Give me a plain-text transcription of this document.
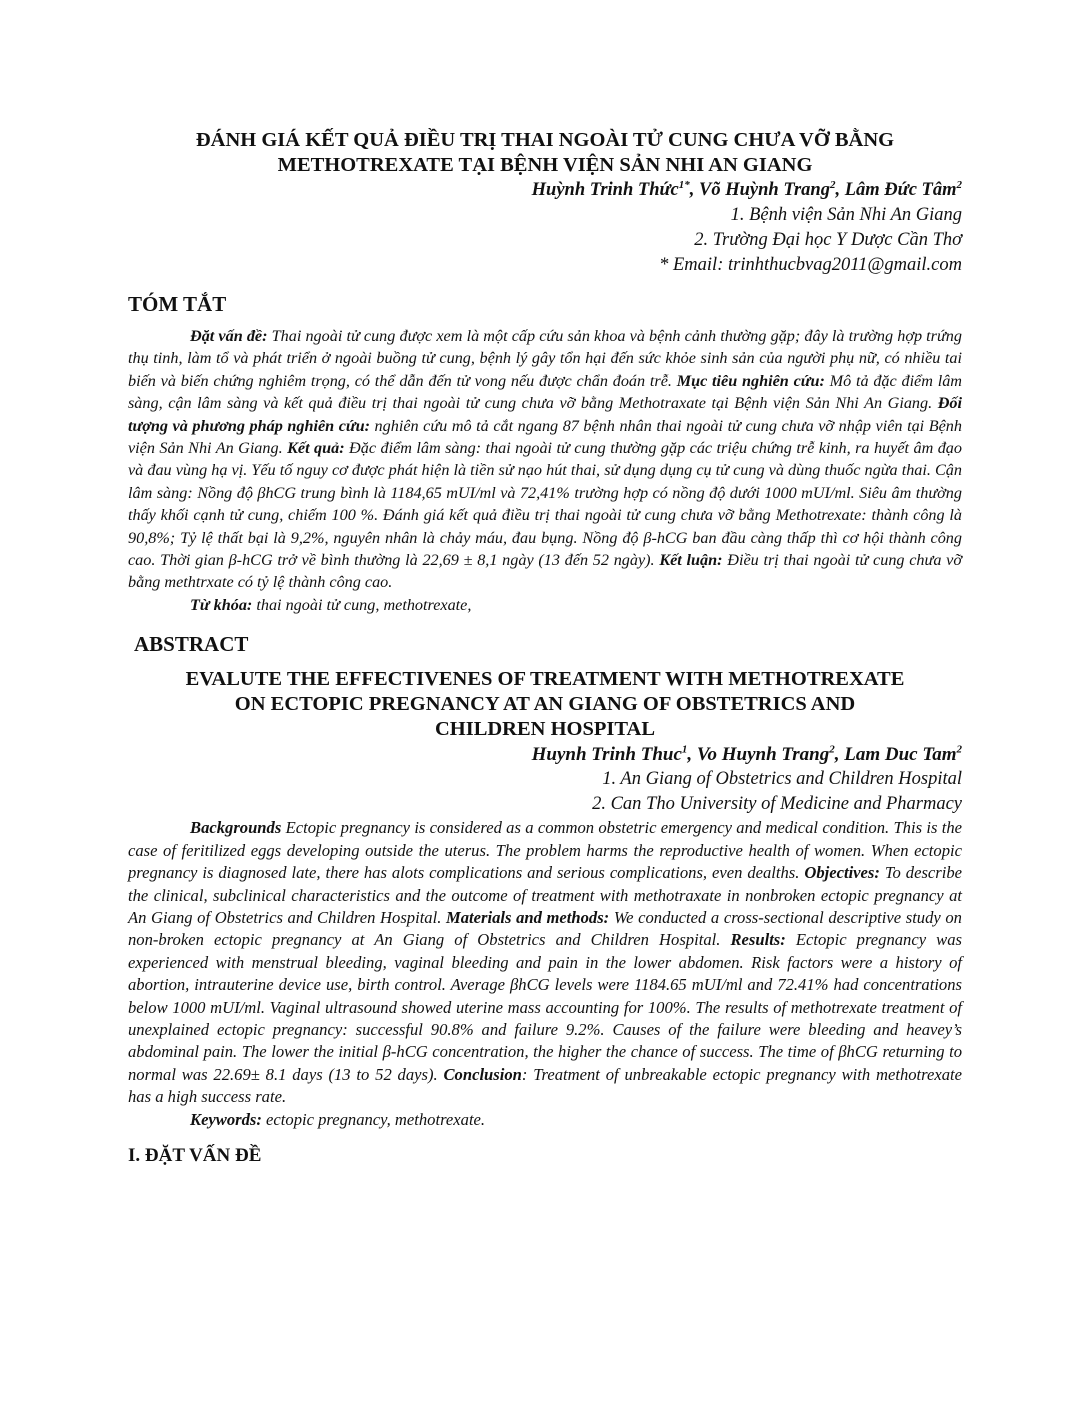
ĐÁNH GIÁ KẾT QUẢ ĐIỀU TRỊ THAI NGOÀI TỬ CUNG CHƯA VỠ BẰNG

METHOTREXATE TẠI BỆNH VIỆN SẢN NHI AN GIANG

Huỳnh Trinh Thức$^{1*}$, Võ Huỳnh Trang$^2$, Lâm Đức Tâm$^2$
1. Bệnh viện Sản Nhi An Giang
2. Trường Đại học Y Dược Cần Thơ
* Email: trinhthucbvag2011@gmail.com

TÓM TẮT

Đặt vấn đề: Thai ngoài tử cung được xem là một cấp cứu sản khoa và bệnh cảnh thường gặp; đây là trường hợp trứng thụ tinh, làm tổ và phát triển ở ngoài buồng tử cung, bệnh lý gây tổn hại đến sức khỏe sinh sản của người phụ nữ, có nhiều tai biến và biến chứng nghiêm trọng, có thể dẫn đến tử vong nếu được chẩn đoán trễ. Mục tiêu nghiên cứu: Mô tả đặc điểm lâm sàng, cận lâm sàng và kết quả điều trị thai ngoài tử cung chưa vỡ bằng Methotraxate tại Bệnh viện Sản Nhi An Giang. Đối tượng và phương pháp nghiên cứu: nghiên cứu mô tả cắt ngang 87 bệnh nhân thai ngoài tử cung chưa vỡ nhập viên tại Bệnh viện Sản Nhi An Giang. Kết quả: Đặc điểm lâm sàng: thai ngoài tử cung thường gặp các triệu chứng trễ kinh, ra huyết âm đạo và đau vùng hạ vị. Yếu tố nguy cơ được phát hiện là tiền sử nạo hút thai, sử dụng dụng cụ tử cung và dùng thuốc ngừa thai. Cận lâm sàng: Nồng độ βhCG trung bình là 1184,65 mUI/ml và 72,41% trường hợp có nồng độ dưới 1000 mUI/ml. Siêu âm thường thấy khối cạnh tử cung, chiếm 100 %. Đánh giá kết quả điều trị thai ngoài tử cung chưa vỡ bằng Methotrexate: thành công là 90,8%; Tỷ lệ thất bại là 9,2%, nguyên nhân là chảy máu, đau bụng. Nồng độ β-hCG ban đầu càng thấp thì cơ hội thành công cao. Thời gian β-hCG trở về bình thường là 22,69 ± 8,1 ngày (13 đến 52 ngày). Kết luận: Điều trị thai ngoài tử cung chưa vỡ bằng methtrxate có tỷ lệ thành công cao.

Từ khóa: thai ngoài tử cung, methotrexate,

ABSTRACT

EVALUTE THE EFFECTIVENES OF TREATMENT WITH METHOTREXATE

ON ECTOPIC PREGNANCY AT AN GIANG OF OBSTETRICS AND

CHILDREN HOSPITAL

Huynh Trinh Thuc$^1$, Vo Huynh Trang$^2$, Lam Duc Tam$^2$
1. An Giang of Obstetrics and Children Hospital
2. Can Tho University of Medicine and Pharmacy

Backgrounds Ectopic pregnancy is considered as a common obstetric emergency and medical condition. This is the case of feritilized eggs developing outside the uterus. The problem harms the reproductive health of women. When ectopic pregnancy is diagnosed late, there has alots complications and serious complications, even dealths. Objectives: To describe the clinical, subclinical characteristics and the outcome of treatment with methotraxate in nonbroken ectopic pregnancy at An Giang of Obstetrics and Children Hospital. Materials and methods: We conducted a cross-sectional descriptive study on non-broken ectopic pregnancy at An Giang of Obstetrics and Children Hospital. Results: Ectopic pregnancy was experienced with menstrual bleeding, vaginal bleeding and pain in the lower abdomen. Risk factors were a history of abortion, intrauterine device use, birth control. Average βhCG levels were 1184.65 mUI/ml and 72.41% had concentrations below 1000 mUI/ml. Vaginal ultrasound showed uterine mass accounting for 100%. The results of methotrexate treatment of unexplained ectopic pregnancy: successful 90.8% and failure 9.2%. Causes of the failure were bleeding and heavey’s abdominal pain. The lower the initial β-hCG concentration, the higher the chance of success. The time of βhCG returning to normal was 22.69± 8.1 days (13 to 52 days). Conclusion: Treatment of unbreakable ectopic pregnancy with methotrexate has a high success rate.

Keywords: ectopic pregnancy, methotrexate.

I. ĐẶT VẤN ĐỀ
